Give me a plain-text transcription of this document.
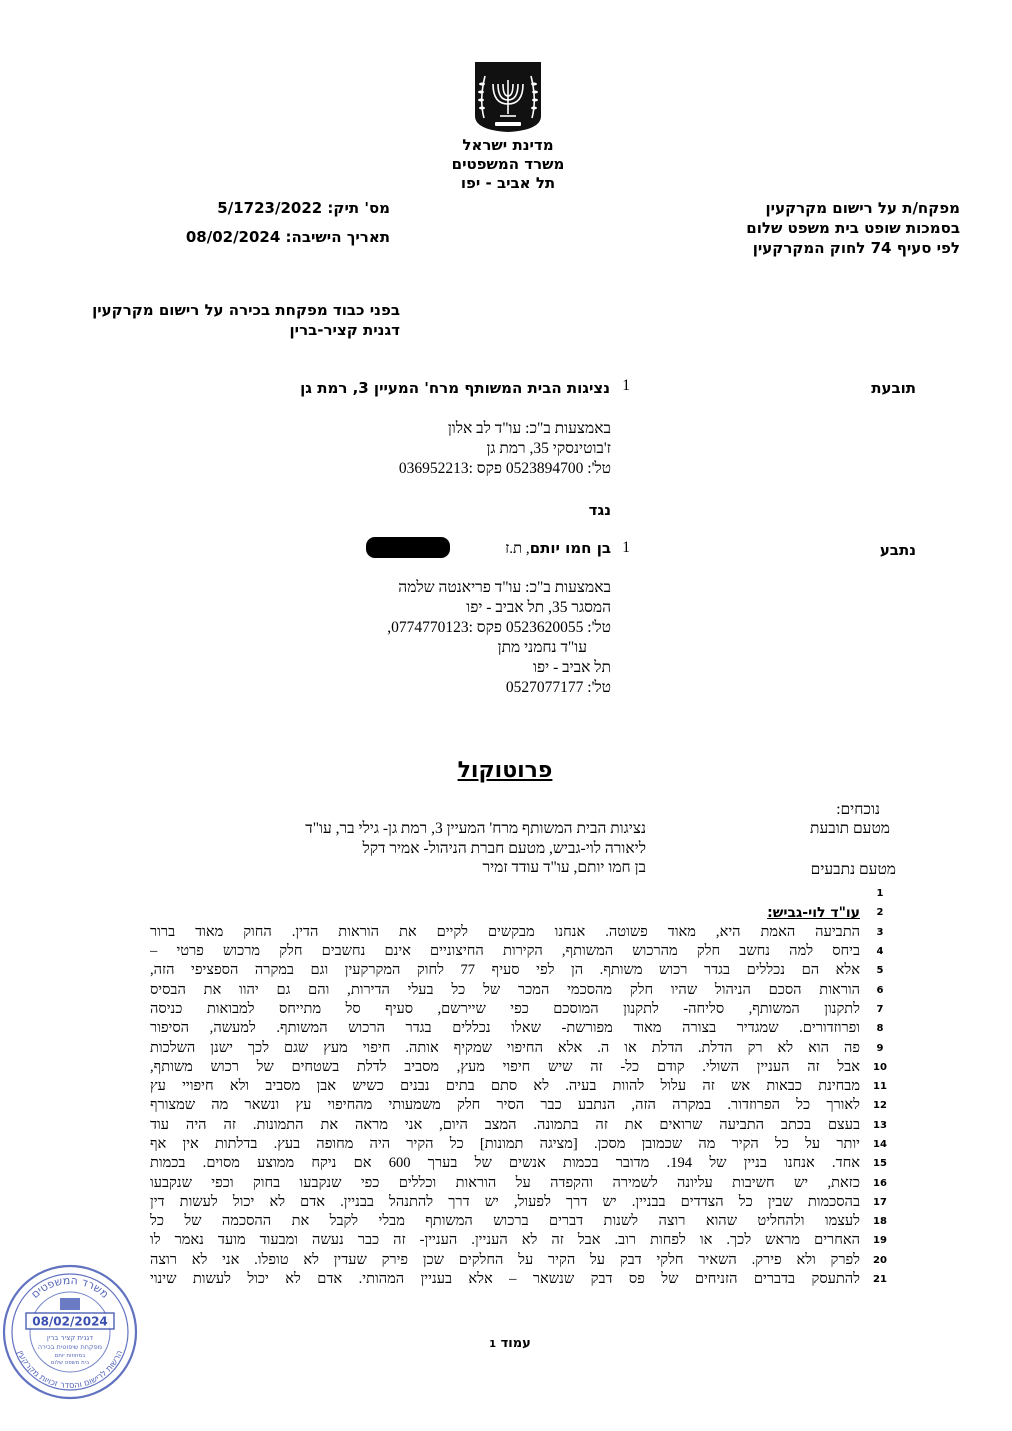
מדינת ישראל
משרד המשפטים
תל אביב - יפו
מס' תיק: 5/1723/2022
תאריך הישיבה: 08/02/2024
מפקח/ת על רישום מקרקעין
בסמכות שופט בית משפט שלום
לפי סעיף 74 לחוק המקרקעין
בפני כבוד מפקחת בכירה על רישום מקרקעין
דגנית קציר-ברין
תובעת
1
נציגות הבית המשותף מרח' המעיין 3, רמת גן
באמצעות ב"כ: עו"ד לב אלון
ז'בוטינסקי 35, רמת גן
טל': 0523894700 פקס :036952213
נגד
נתבע
1
בן חמו יותם, ת.ז
באמצעות ב"כ: עו"ד פריאנטה שלמה
המסגר 35, תל אביב - יפו
טל': 0523620055 פקס :0774770123,
עו"ד נחמני מתן
תל אביב - יפו
טל': 0527077177
פרוטוקול
נוכחים:
מטעם תובעת
נציגות הבית המשותף מרח' המעיין 3, רמת גן- גילי בר, עו"ד
ליאורה לוי-גביש, מטעם חברת הניהול- אמיר דקל
מטעם נתבעים
בן חמו יותם, עו"ד עודד זמיר
1
2
עו"ד לוי-גביש:
3
התביעה האמת היא, מאוד פשוטה. אנחנו מבקשים לקיים את הוראות הדין. החוק מאוד ברור
4
ביחס למה נחשב חלק מהרכוש המשותף, הקירות החיצוניים אינם נחשבים חלק מרכוש פרטי –
5
אלא הם נכללים בגדר רכוש משותף. הן לפי סעיף 77 לחוק המקרקעין וגם במקרה הספציפי הזה,
6
הוראות הסכם הניהול שהיו חלק מהסכמי המכר של כל בעלי הדירות, והם גם יהוו את הבסיס
7
לתקנון המשותף, סליחה- לתקנון המוסכם כפי שיירשם, סעיף סל מתייחס למבואות כניסה
8
ופרוזדורים. שמגדיר בצורה מאוד מפורשת- שאלו נכללים בגדר הרכוש המשותף. למעשה, הסיפור
9
פה הוא לא רק הדלת. הדלת או ה. אלא החיפוי שמקיף אותה. חיפוי מעץ שגם לכך ישנן השלכות
10
אבל זה העניין השולי. קודם כל- זה שיש חיפוי מעץ, מסביב לדלת בשטחים של רכוש משותף,
11
מבחינת כבאות אש זה עלול להוות בעיה. לא סתם בתים נבנים כשיש אבן מסביב ולא חיפויי עץ
12
לאורך כל הפרוזדור. במקרה הזה, הנתבע כבר הסיר חלק משמעותי מהחיפוי עץ ונשאר מה שמצורף
13
בעצם בכתב התביעה שרואים את זה בתמונה. המצב היום, אני מראה את התמונות. זה היה עוד
14
יותר על כל הקיר מה שכמובן מסכן. [מציגה תמונות] כל הקיר היה מחופה בעץ. בדלתות אין אף
15
אחד. אנחנו בניין של 194. מדובר בכמות אנשים של בערך 600 אם ניקח ממוצע מסוים. בכמות
16
כזאת, יש חשיבות עליונה לשמירה והקפדה על הוראות וכללים כפי שנקבעו בחוק וכפי שנקבעו
17
בהסכמות שבין כל הצדדים בבניין. יש דרך לפעול, יש דרך להתנהל בבניין. אדם לא יכול לעשות דין
18
לעצמו ולהחליט שהוא רוצה לשנות דברים ברכוש המשותף מבלי לקבל את ההסכמה של כל
19
האחרים מראש לכך. או לפחות רוב. אבל זה לא העניין. העניין- זה כבר נעשה ומבעוד מועד נאמר לו
20
לפרק ולא פירק. השאיר חלקי דבק על הקיר על החלקים שכן פירק שעדין לא טופלו. אני לא רוצה
21
להתעסק בדברים הזניחים של פס דבק שנשאר – אלא בעניין המהותי. אדם לא יכול לעשות שינוי
עמוד 1
משרד המשפטים
הרשות לרישום והסדר זכויות מקרקעין
08/02/2024
דגנית קציר ברין
מפקחת שיפוטית בכירה
במחוזות יותם
בית משפט שלום
